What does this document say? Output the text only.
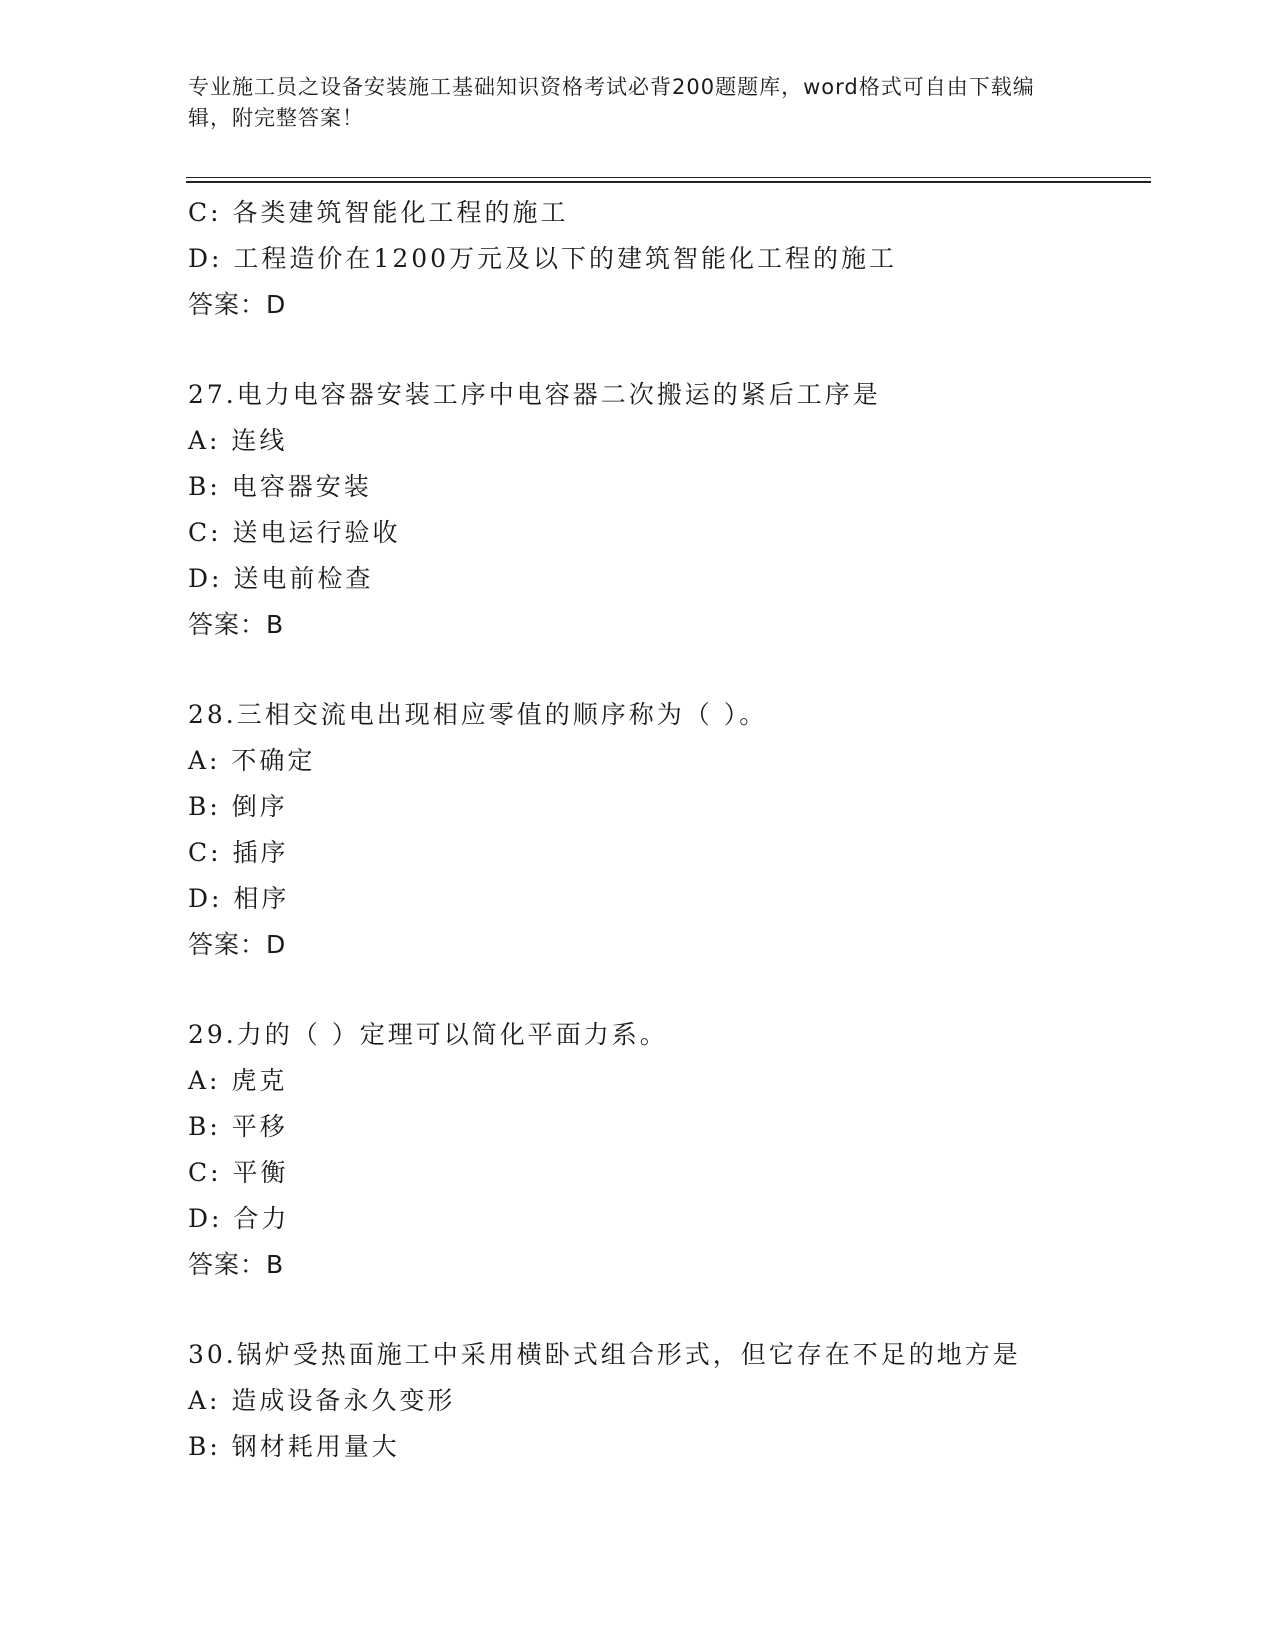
专业施工员之设备安装施工基础知识资格考试必背200题题库，word格式可自由下载编辑，附完整答案！
C: 各类建筑智能化工程的施工
D: 工程造价在1200万元及以下的建筑智能化工程的施工
答案：D
27.电力电容器安装工序中电容器二次搬运的紧后工序是
A: 连线
B: 电容器安装
C: 送电运行验收
D: 送电前检查
答案：B
28.三相交流电出现相应零值的顺序称为（ ）。
A: 不确定
B: 倒序
C: 插序
D: 相序
答案：D
29.力的（ ）定理可以简化平面力系。
A: 虎克
B: 平移
C: 平衡
D: 合力
答案：B
30.锅炉受热面施工中采用横卧式组合形式，但它存在不足的地方是
A: 造成设备永久变形
B: 钢材耗用量大
